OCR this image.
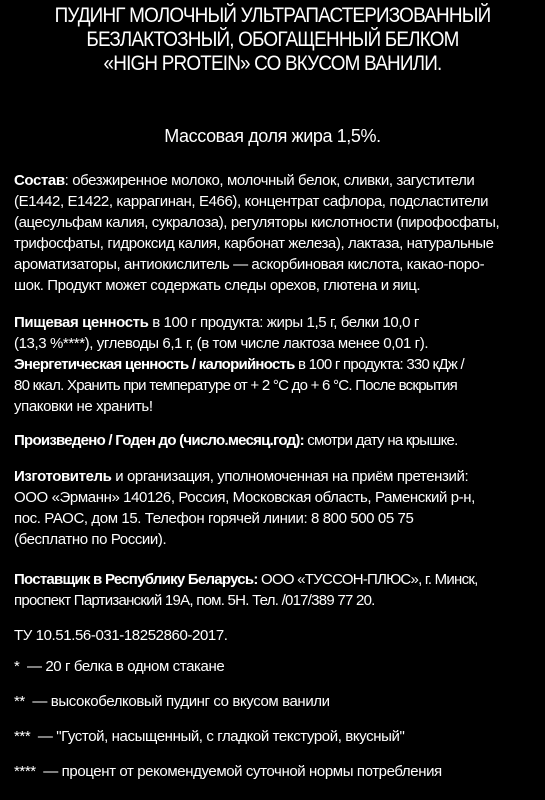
ПУДИНГ МОЛОЧНЫЙ УЛЬТРАПАСТЕРИЗОВАННЫЙ
БЕЗЛАКТОЗНЫЙ, ОБОГАЩЕННЫЙ БЕЛКОМ
«HIGH PROTEIN» СО ВКУСОМ ВАНИЛИ.
Массовая доля жира 1,5%.
Состав: обезжиренное молоко, молочный белок, сливки, загустители
(Е1442, Е1422, каррагинан, Е466), концентрат сафлора, подсластители
(ацесульфам калия, сукралоза), регуляторы кислотности (пирофосфаты,
трифосфаты, гидроксид калия, карбонат железа), лактаза, натуральные
ароматизаторы, антиокислитель — аскорбиновая кислота, какао-поро-
шок. Продукт может содержать следы орехов, глютена и яиц.
Пищевая ценность в 100 г продукта: жиры 1,5 г, белки 10,0 г
(13,3 %****), углеводы 6,1 г, (в том числе лактоза менее 0,01 г).
Энергетическая ценность / калорийность в 100 г продукта: 330 кДж /
80 ккал. Хранить при температуре от + 2 °С до + 6 °С. После вскрытия
упаковки не хранить!
Произведено / Годен до (число.месяц.год): смотри дату на крышке.
Изготовитель и организация, уполномоченная на приём претензий:
ООО «Эрманн» 140126, Россия, Московская область, Раменский р-н,
пос. РАОС, дом 15. Телефон горячей линии: 8 800 500 05 75
(бесплатно по России).
Поставщик в Республику Беларусь: ООО «ТУССОН-ПЛЮС», г. Минск,
проспект Партизанский 19А, пом. 5Н. Тел. /017/389 77 20.
ТУ 10.51.56-031-18252860-2017.
* — 20 г белка в одном стакане
** — высокобелковый пудинг со вкусом ванили
*** — "Густой, насыщенный, с гладкой текстурой, вкусный"
**** — процент от рекомендуемой суточной нормы потребления
